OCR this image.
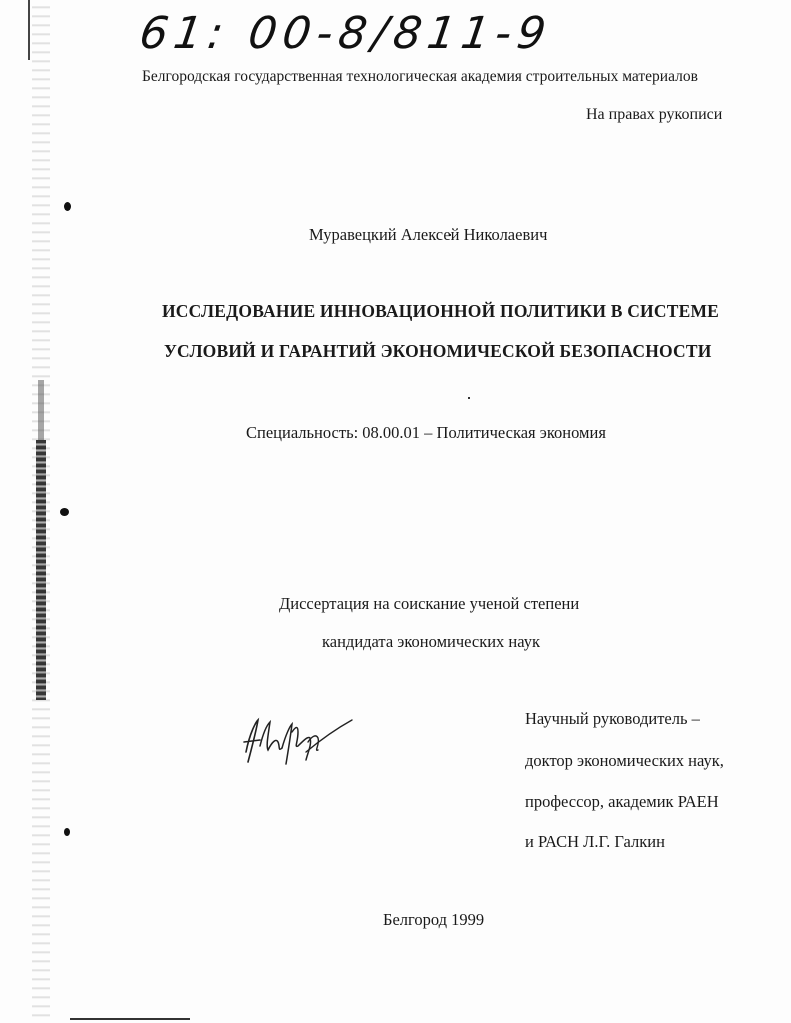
61: 00-8/811-9
Белгородская государственная технологическая академия строительных материалов
На правах рукописи
Муравецкий Алексей Николаевич
ИССЛЕДОВАНИЕ ИННОВАЦИОННОЙ ПОЛИТИКИ В СИСТЕМЕ
УСЛОВИЙ И ГАРАНТИЙ ЭКОНОМИЧЕСКОЙ БЕЗОПАСНОСТИ
Специальность: 08.00.01 – Политическая экономия
Диссертация на соискание ученой степени
кандидата экономических наук
Научный руководитель –
доктор экономических наук,
профессор, академик РАЕН
и РАСН Л.Г. Галкин
Белгород 1999
